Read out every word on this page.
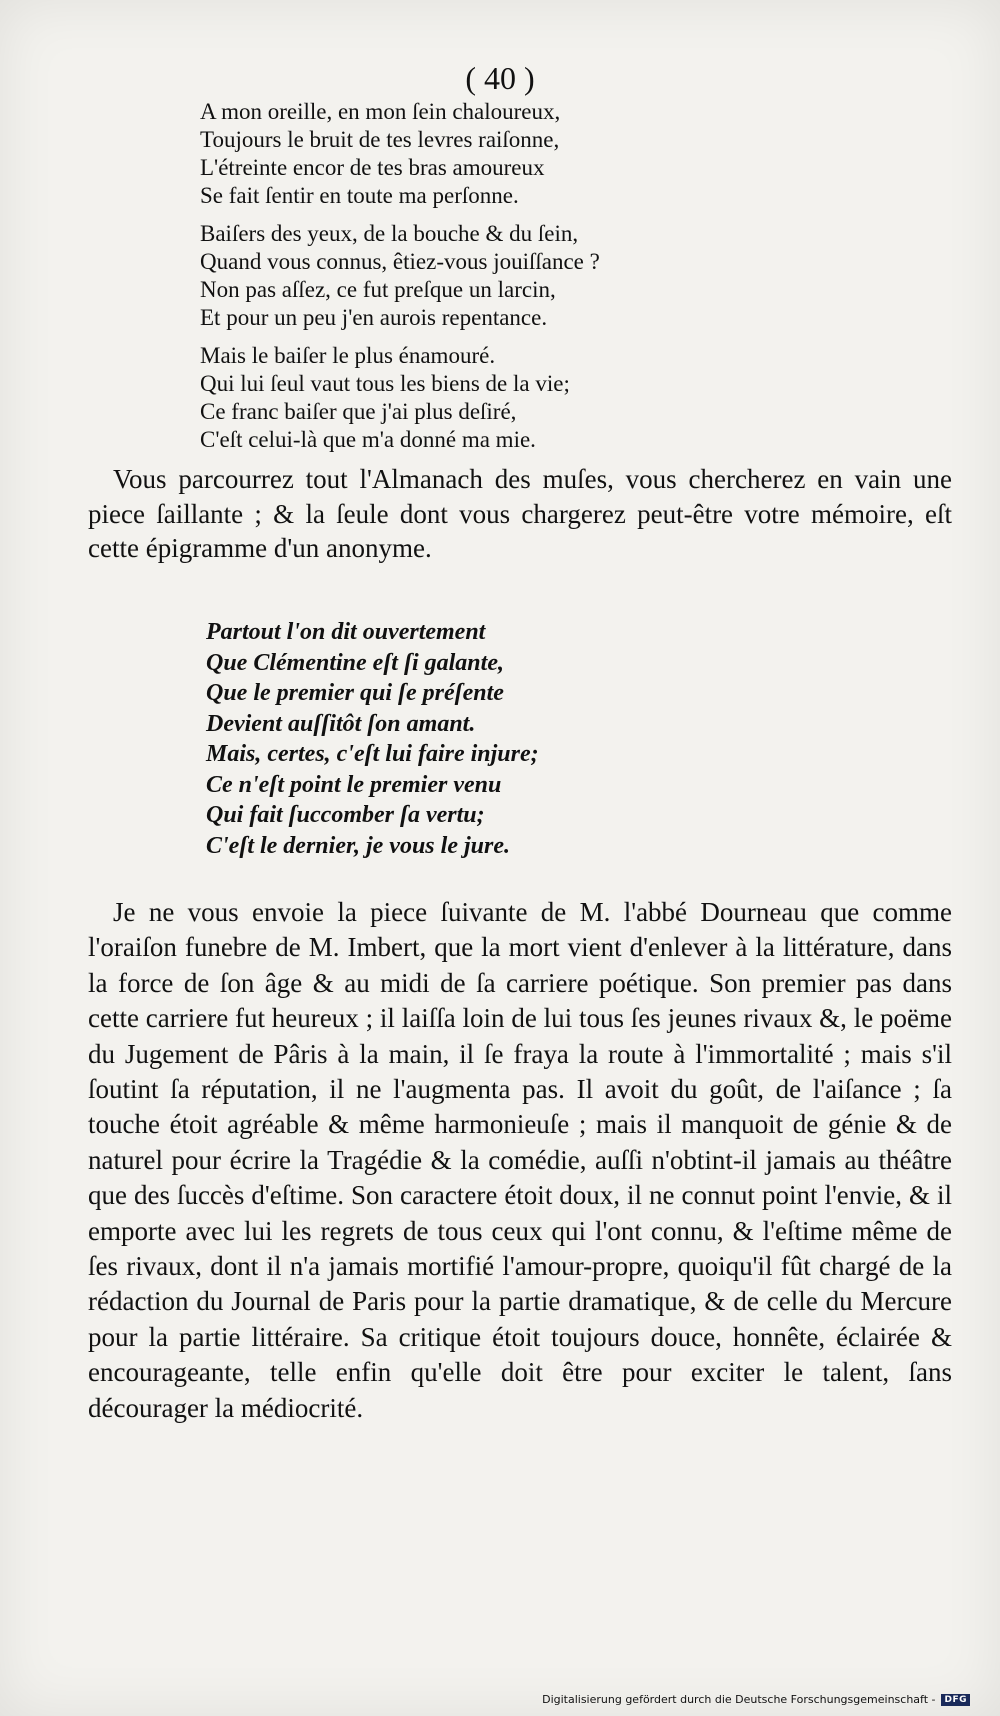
( 40 )
A mon oreille, en mon ſein chaloureux,
Toujours le bruit de tes levres raiſonne,
L'étreinte encor de tes bras amoureux
Se fait ſentir en toute ma perſonne.
Baiſers des yeux, de la bouche & du ſein,
Quand vous connus, êtiez-vous jouiſſance ?
Non pas aſſez, ce fut preſque un larcin,
Et pour un peu j'en aurois repentance.
Mais le baiſer le plus énamouré.
Qui lui ſeul vaut tous les biens de la vie;
Ce franc baiſer que j'ai plus deſiré,
C'eſt celui-là que m'a donné ma mie.
Vous parcourrez tout l'Almanach des muſes, vous chercherez en vain une piece ſaillante ; & la ſeule dont vous chargerez peut-être votre mémoire, eſt cette épigramme d'un anonyme.
Partout l'on dit ouvertement
Que Clémentine eſt ſi galante,
Que le premier qui ſe préſente
Devient auſſitôt ſon amant.
Mais, certes, c'eſt lui faire injure;
Ce n'eſt point le premier venu
Qui fait ſuccomber ſa vertu;
C'eſt le dernier, je vous le jure.
Je ne vous envoie la piece ſuivante de M. l'abbé Dourneau que comme l'oraiſon funebre de M. Imbert, que la mort vient d'enlever à la littérature, dans la force de ſon âge & au midi de ſa carriere poétique. Son premier pas dans cette carriere fut heureux ; il laiſſa loin de lui tous ſes jeunes rivaux &, le poëme du Jugement de Pâris à la main, il ſe fraya la route à l'immortalité ; mais s'il ſoutint ſa réputation, il ne l'augmenta pas. Il avoit du goût, de l'aiſance ; ſa touche étoit agréable & même harmonieuſe ; mais il manquoit de génie & de naturel pour écrire la Tragédie & la comédie, auſſi n'obtint-il jamais au théâtre que des ſuccès d'eſtime. Son caractere étoit doux, il ne connut point l'envie, & il emporte avec lui les regrets de tous ceux qui l'ont connu, & l'eſtime même de ſes rivaux, dont il n'a jamais mortifié l'amour-propre, quoiqu'il fût chargé de la rédaction du Journal de Paris pour la partie dramatique, & de celle du Mercure pour la partie littéraire. Sa critique étoit toujours douce, honnête, éclairée & encourageante, telle enfin qu'elle doit être pour exciter le talent, ſans décourager la médiocrité.
Digitalisierung gefördert durch die Deutsche Forschungsgemeinschaft -	DFG
